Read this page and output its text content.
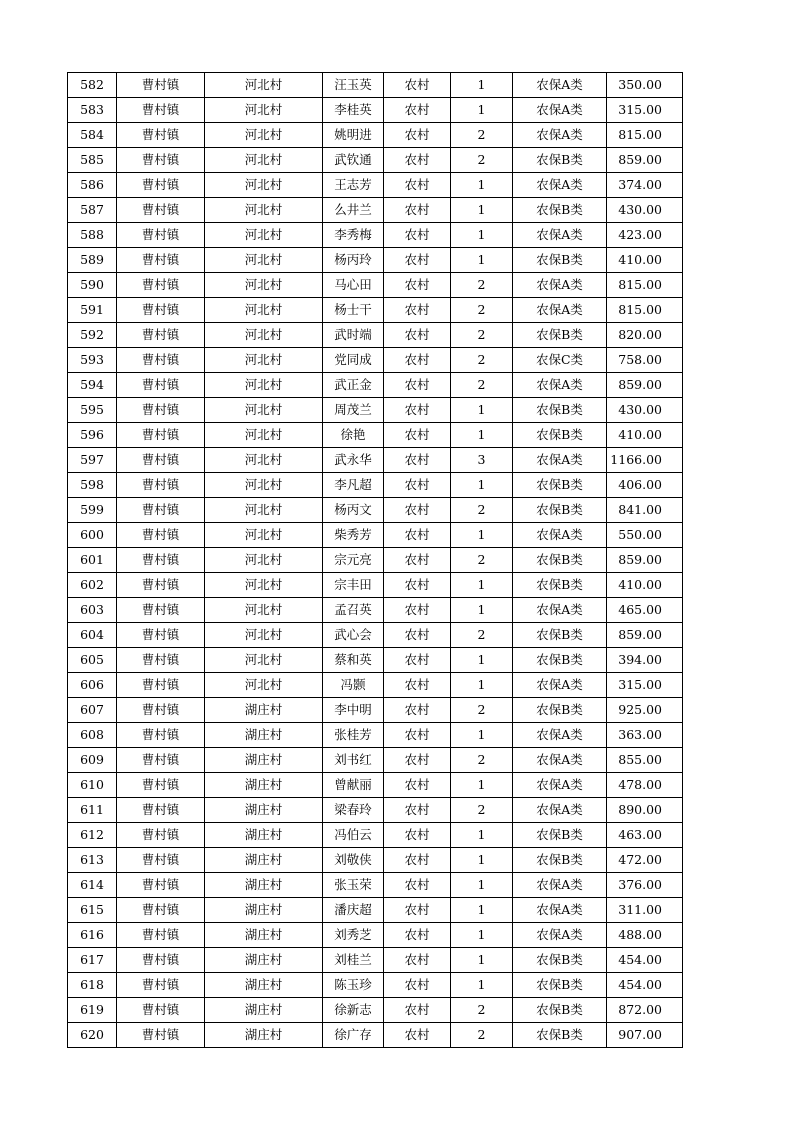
582	曹村镇	河北村	汪玉英	农村	1	农保A类	350.00
583	曹村镇	河北村	李桂英	农村	1	农保A类	315.00
584	曹村镇	河北村	姚明进	农村	2	农保A类	815.00
585	曹村镇	河北村	武钦通	农村	2	农保B类	859.00
586	曹村镇	河北村	王志芳	农村	1	农保A类	374.00
587	曹村镇	河北村	么井兰	农村	1	农保B类	430.00
588	曹村镇	河北村	李秀梅	农村	1	农保A类	423.00
589	曹村镇	河北村	杨丙玲	农村	1	农保B类	410.00
590	曹村镇	河北村	马心田	农村	2	农保A类	815.00
591	曹村镇	河北村	杨士干	农村	2	农保A类	815.00
592	曹村镇	河北村	武时端	农村	2	农保B类	820.00
593	曹村镇	河北村	党同成	农村	2	农保C类	758.00
594	曹村镇	河北村	武正金	农村	2	农保A类	859.00
595	曹村镇	河北村	周茂兰	农村	1	农保B类	430.00
596	曹村镇	河北村	徐艳	农村	1	农保B类	410.00
597	曹村镇	河北村	武永华	农村	3	农保A类	1166.00
598	曹村镇	河北村	李凡超	农村	1	农保B类	406.00
599	曹村镇	河北村	杨丙文	农村	2	农保B类	841.00
600	曹村镇	河北村	柴秀芳	农村	1	农保A类	550.00
601	曹村镇	河北村	宗元亮	农村	2	农保B类	859.00
602	曹村镇	河北村	宗丰田	农村	1	农保B类	410.00
603	曹村镇	河北村	孟召英	农村	1	农保A类	465.00
604	曹村镇	河北村	武心会	农村	2	农保B类	859.00
605	曹村镇	河北村	蔡和英	农村	1	农保B类	394.00
606	曹村镇	河北村	冯颢	农村	1	农保A类	315.00
607	曹村镇	湖庄村	李中明	农村	2	农保B类	925.00
608	曹村镇	湖庄村	张桂芳	农村	1	农保A类	363.00
609	曹村镇	湖庄村	刘书红	农村	2	农保A类	855.00
610	曹村镇	湖庄村	曾献丽	农村	1	农保A类	478.00
611	曹村镇	湖庄村	梁春玲	农村	2	农保A类	890.00
612	曹村镇	湖庄村	冯伯云	农村	1	农保B类	463.00
613	曹村镇	湖庄村	刘敬侠	农村	1	农保B类	472.00
614	曹村镇	湖庄村	张玉荣	农村	1	农保A类	376.00
615	曹村镇	湖庄村	潘庆超	农村	1	农保A类	311.00
616	曹村镇	湖庄村	刘秀芝	农村	1	农保A类	488.00
617	曹村镇	湖庄村	刘桂兰	农村	1	农保B类	454.00
618	曹村镇	湖庄村	陈玉珍	农村	1	农保B类	454.00
619	曹村镇	湖庄村	徐新志	农村	2	农保B类	872.00
620	曹村镇	湖庄村	徐广存	农村	2	农保B类	907.00
